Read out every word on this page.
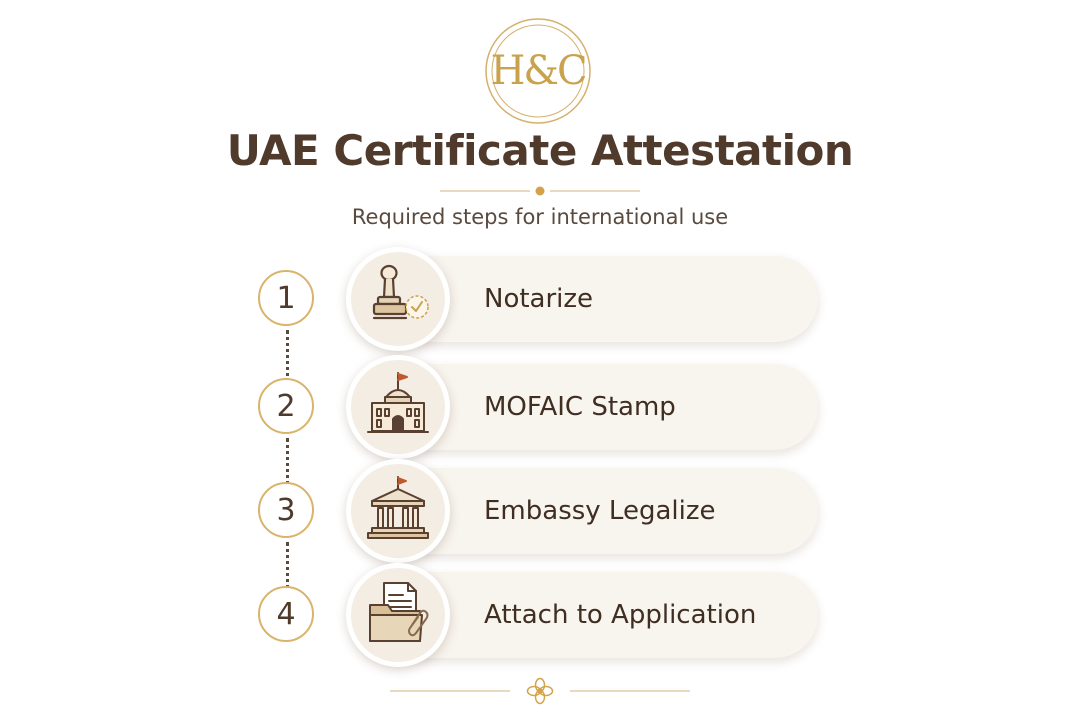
H&C
UAE Certificate Attestation
Required steps for international use
1
2
3
4
Notarize
MOFAIC Stamp
Embassy Legalize
Attach to Application
